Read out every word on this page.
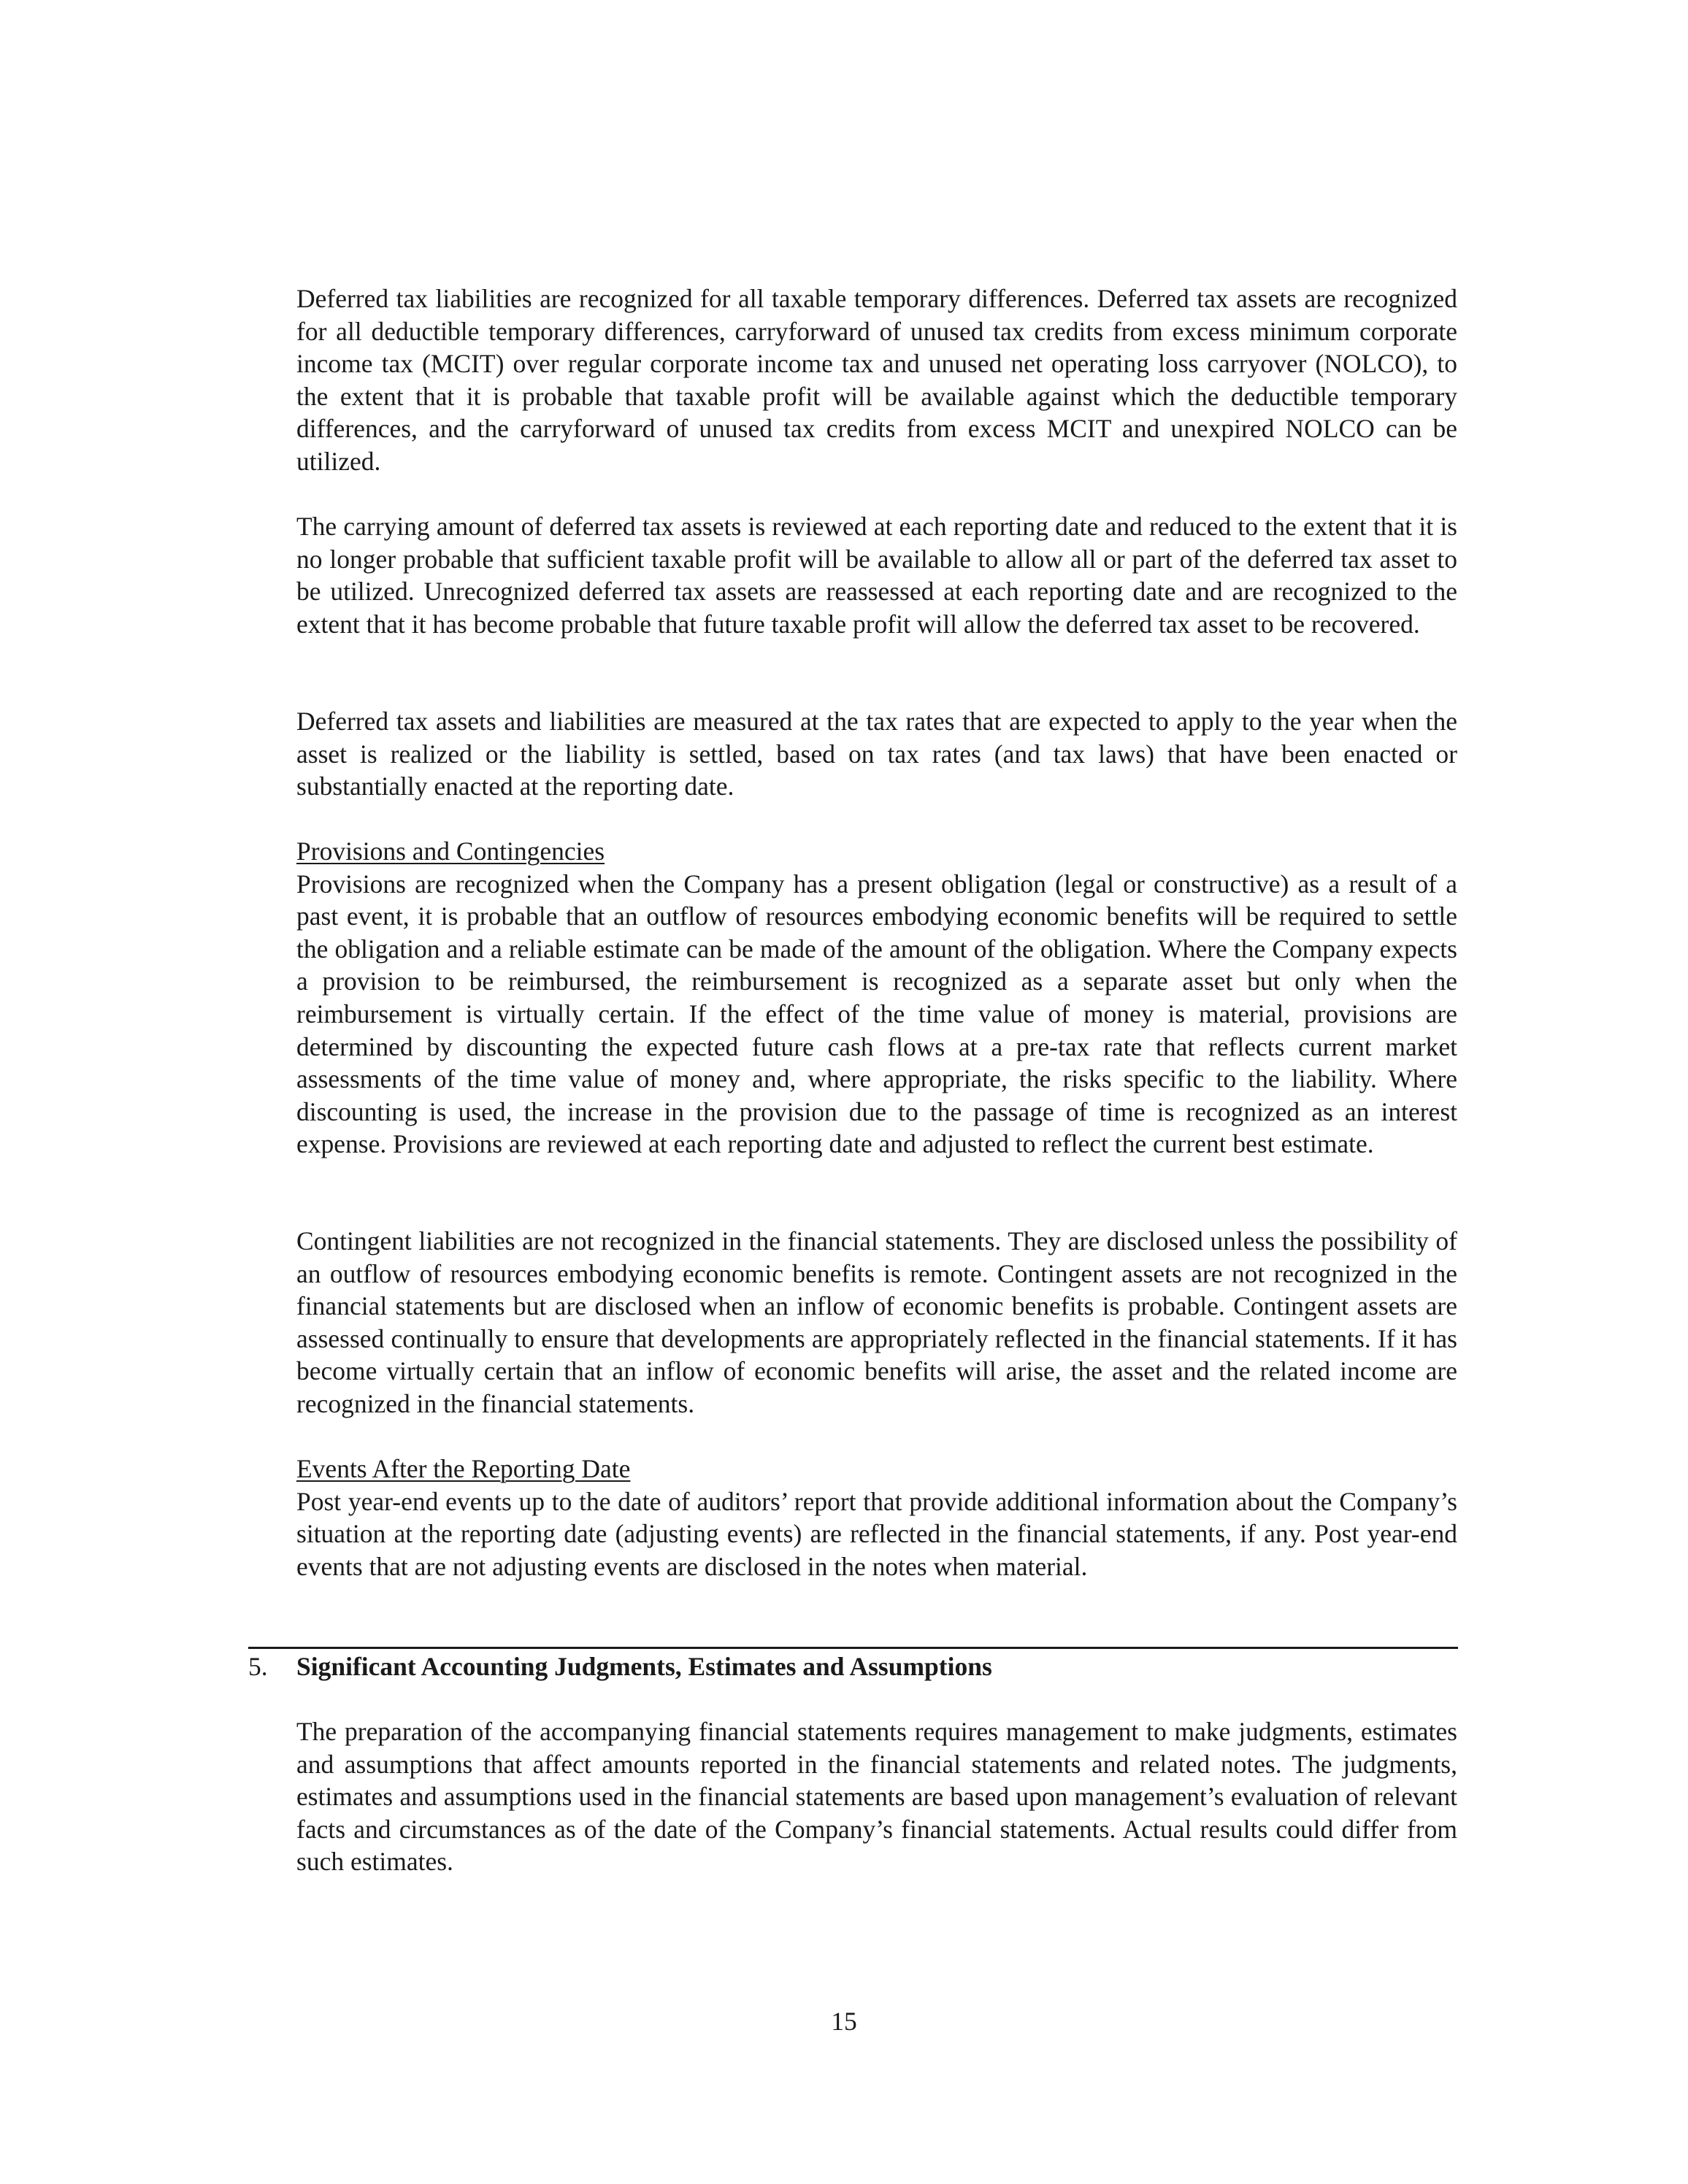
Deferred tax liabilities are recognized for all taxable temporary differences. Deferred tax assets are recognized for all deductible temporary differences, carryforward of unused tax credits from excess minimum corporate income tax (MCIT) over regular corporate income tax and unused net operating loss carryover (NOLCO), to the extent that it is probable that taxable profit will be available against which the deductible temporary differences, and the carryforward of unused tax credits from excess MCIT and unexpired NOLCO can be utilized.

The carrying amount of deferred tax assets is reviewed at each reporting date and reduced to the extent that it is no longer probable that sufficient taxable profit will be available to allow all or part of the deferred tax asset to be utilized. Unrecognized deferred tax assets are reassessed at each reporting date and are recognized to the extent that it has become probable that future taxable profit will allow the deferred tax asset to be recovered.

Deferred tax assets and liabilities are measured at the tax rates that are expected to apply to the year when the asset is realized or the liability is settled, based on tax rates (and tax laws) that have been enacted or substantially enacted at the reporting date.

Provisions and Contingencies
Provisions are recognized when the Company has a present obligation (legal or constructive) as a result of a past event, it is probable that an outflow of resources embodying economic benefits will be required to settle the obligation and a reliable estimate can be made of the amount of the obligation. Where the Company expects a provision to be reimbursed, the reimbursement is recognized as a separate asset but only when the reimbursement is virtually certain. If the effect of the time value of money is material, provisions are determined by discounting the expected future cash flows at a pre-tax rate that reflects current market assessments of the time value of money and, where appropriate, the risks specific to the liability. Where discounting is used, the increase in the provision due to the passage of time is recognized as an interest expense. Provisions are reviewed at each reporting date and adjusted to reflect the current best estimate.

Contingent liabilities are not recognized in the financial statements. They are disclosed unless the possibility of an outflow of resources embodying economic benefits is remote. Contingent assets are not recognized in the financial statements but are disclosed when an inflow of economic benefits is probable. Contingent assets are assessed continually to ensure that developments are appropriately reflected in the financial statements. If it has become virtually certain that an inflow of economic benefits will arise, the asset and the related income are recognized in the financial statements.

Events After the Reporting Date
Post year-end events up to the date of auditors’ report that provide additional information about the Company’s situation at the reporting date (adjusting events) are reflected in the financial statements, if any. Post year-end events that are not adjusting events are disclosed in the notes when material.
5. Significant Accounting Judgments, Estimates and Assumptions

The preparation of the accompanying financial statements requires management to make judgments, estimates and assumptions that affect amounts reported in the financial statements and related notes. The judgments, estimates and assumptions used in the financial statements are based upon management’s evaluation of relevant facts and circumstances as of the date of the Company’s financial statements. Actual results could differ from such estimates.

15
